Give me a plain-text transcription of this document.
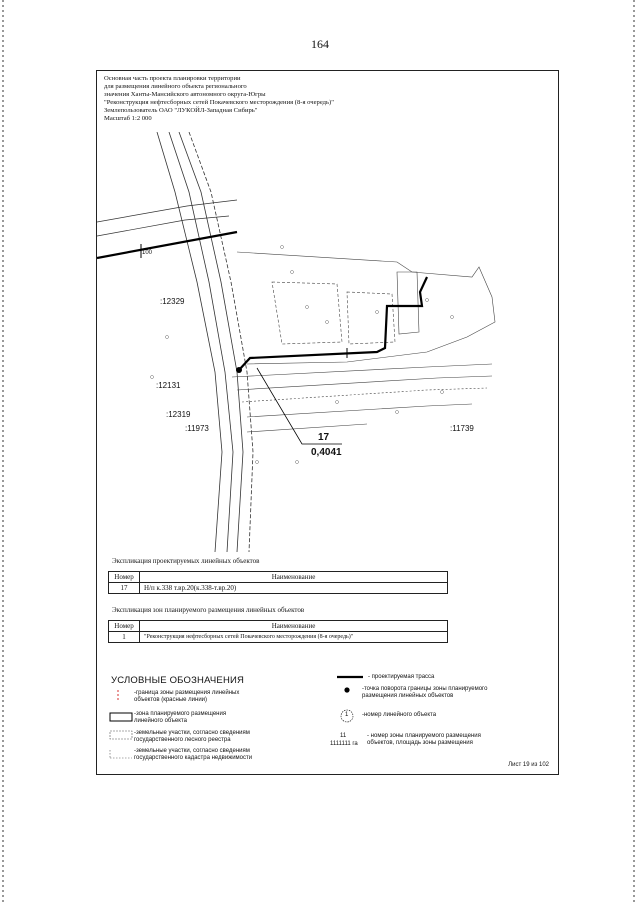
164
Основная часть проекта планировки территории
для размещения линейного объекта регионального
значения Ханты-Мансийского автономного округа-Югры
"Реконструкция нефтесборных сетей Покачевского месторождения (8-я очередь)"
Землепользователь ОАО "ЛУКОЙЛ-Западная Сибирь"
Масштаб 1:2 000
:12329
:12131
:12319
:11973	:11739
100
17
0,4041
Экспликация проектируемых линейных объектов
Номер	Наименование
17	Н/п к.338 т.вр.20(к.338-т.вр.20)
Экспликация зон планируемого размещения линейных объектов
Номер	Наименование
1	"Реконструкция нефтесборных сетей Покачевского месторождения (8-я очередь)"
УСЛОВНЫЕ ОБОЗНАЧЕНИЯ
-граница зоны размещения линейных
объектов (красные линии)
-зона планируемого размещения
линейного объекта
-земельные участки, согласно сведениям
государственного лесного реестра
-земельные участки, согласно сведениям
государственного кадастра недвижимости
1
- проектируемая трасса
-точка поворота границы зоны планируемого
размещения линейных объектов
-номер линейного объекта
11
1111111 га
- номер зоны планируемого размещения
объектов, площадь зоны размещения
Лист 19 из 102
